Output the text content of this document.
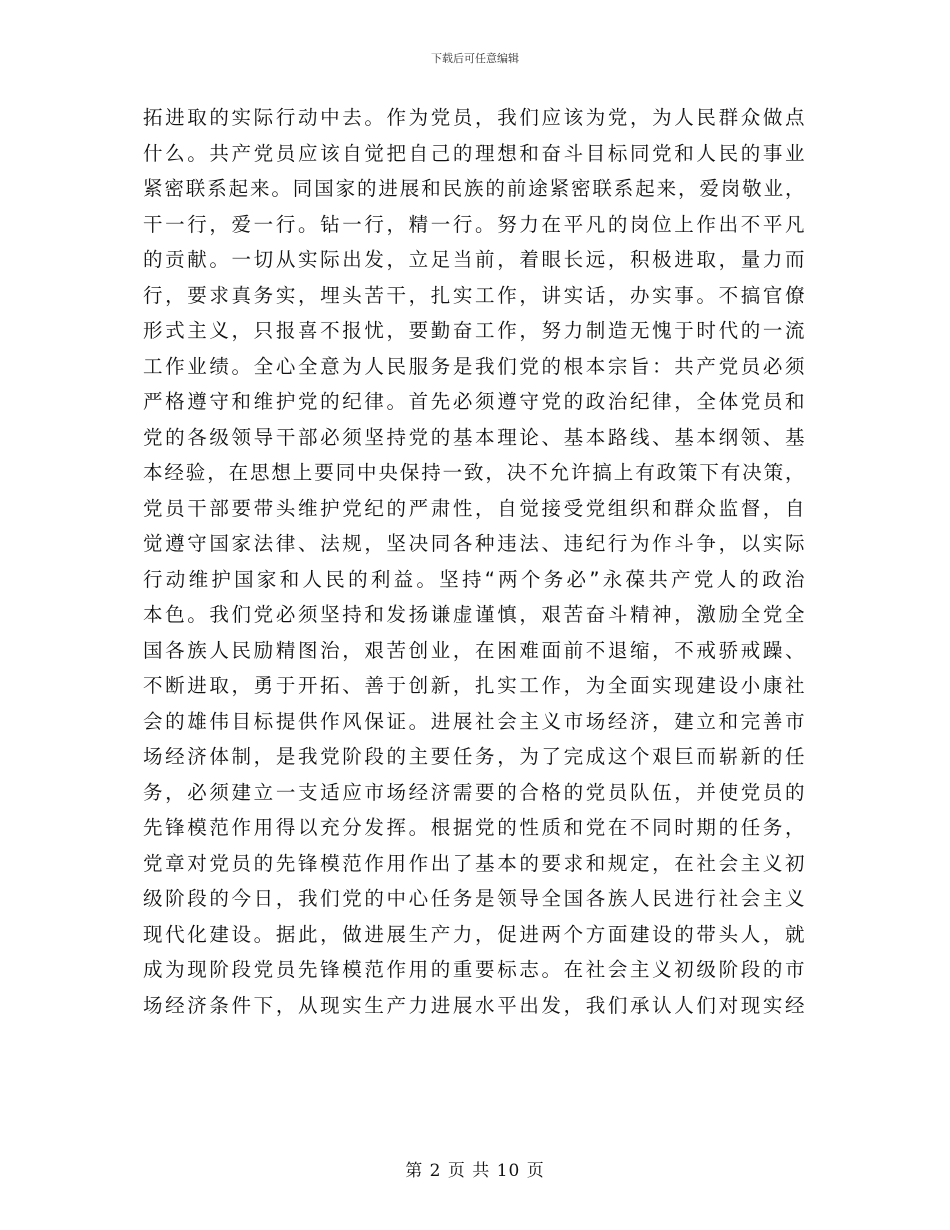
下载后可任意编辑
拓进取的实际行动中去。作为党员，我们应该为党，为人民群众做点
什么。共产党员应该自觉把自己的理想和奋斗目标同党和人民的事业
紧密联系起来。同国家的进展和民族的前途紧密联系起来，爱岗敬业，
干一行，爱一行。钻一行，精一行。努力在平凡的岗位上作出不平凡
的贡献。一切从实际出发，立足当前，着眼长远，积极进取，量力而
行，要求真务实，埋头苦干，扎实工作，讲实话，办实事。不搞官僚
形式主义，只报喜不报忧，要勤奋工作，努力制造无愧于时代的一流
工作业绩。全心全意为人民服务是我们党的根本宗旨：共产党员必须
严格遵守和维护党的纪律。首先必须遵守党的政治纪律，全体党员和
党的各级领导干部必须坚持党的基本理论、基本路线、基本纲领、基
本经验，在思想上要同中央保持一致，决不允许搞上有政策下有决策，
党员干部要带头维护党纪的严肃性，自觉接受党组织和群众监督，自
觉遵守国家法律、法规，坚决同各种违法、违纪行为作斗争，以实际
行动维护国家和人民的利益。坚持“两个务必”永葆共产党人的政治
本色。我们党必须坚持和发扬谦虚谨慎，艰苦奋斗精神，激励全党全
国各族人民励精图治，艰苦创业，在困难面前不退缩，不戒骄戒躁、
不断进取，勇于开拓、善于创新，扎实工作，为全面实现建设小康社
会的雄伟目标提供作风保证。进展社会主义市场经济，建立和完善市
场经济体制，是我党阶段的主要任务，为了完成这个艰巨而崭新的任
务，必须建立一支适应市场经济需要的合格的党员队伍，并使党员的
先锋模范作用得以充分发挥。根据党的性质和党在不同时期的任务，
党章对党员的先锋模范作用作出了基本的要求和规定，在社会主义初
级阶段的今日，我们党的中心任务是领导全国各族人民进行社会主义
现代化建设。据此，做进展生产力，促进两个方面建设的带头人，就
成为现阶段党员先锋模范作用的重要标志。在社会主义初级阶段的市
场经济条件下，从现实生产力进展水平出发，我们承认人们对现实经
第 2 页 共 10 页
